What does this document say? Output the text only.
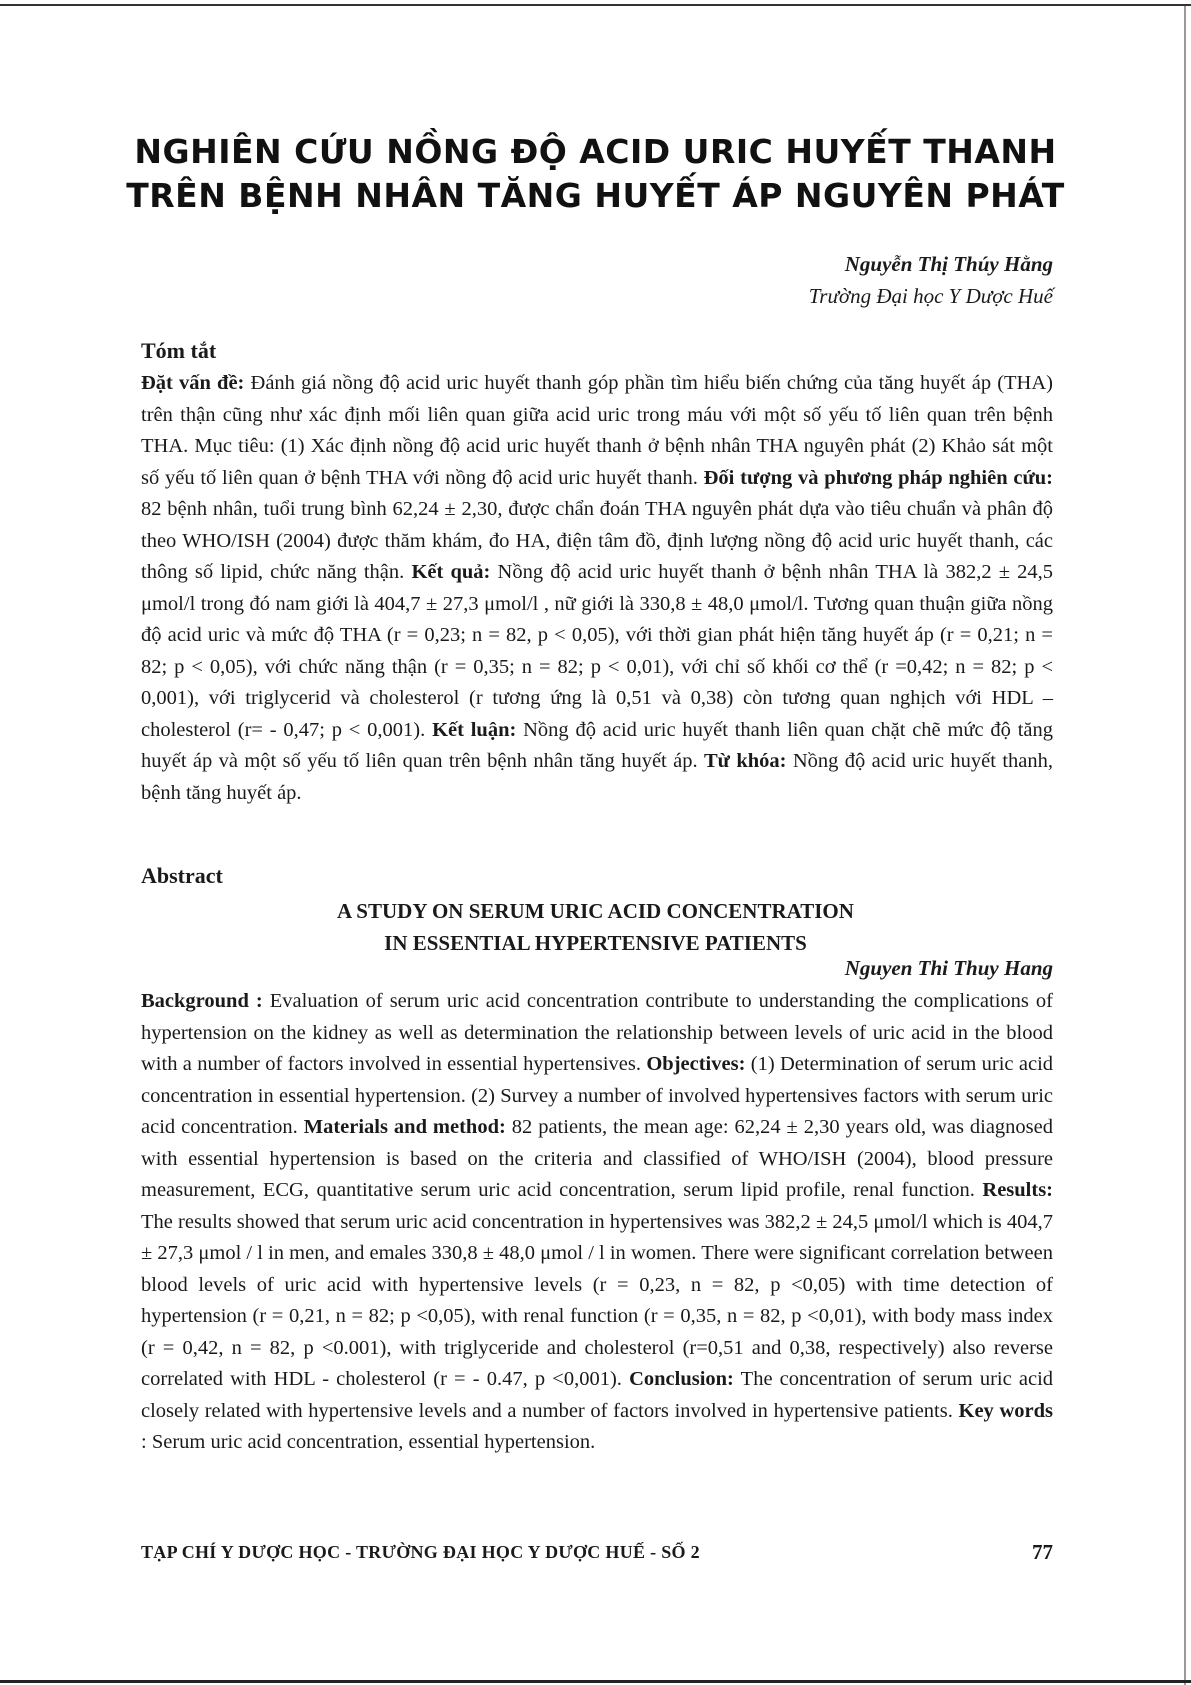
NGHIÊN CỨU NỒNG ĐỘ ACID URIC HUYẾT THANH
TRÊN BỆNH NHÂN TĂNG HUYẾT ÁP NGUYÊN PHÁT
Nguyễn Thị Thúy Hằng
Trường Đại học Y Dược Huế
Tóm tắt

Đặt vấn đề: Đánh giá nồng độ acid uric huyết thanh góp phần tìm hiểu biến chứng của tăng huyết áp (THA) trên thận cũng như xác định mối liên quan giữa acid uric trong máu với một số yếu tố liên quan trên bệnh THA. Mục tiêu: (1) Xác định nồng độ acid uric huyết thanh ở bệnh nhân THA nguyên phát (2) Khảo sát một số yếu tố liên quan ở bệnh THA với nồng độ acid uric huyết thanh. Đối tượng và phương pháp nghiên cứu: 82 bệnh nhân, tuổi trung bình 62,24 ± 2,30, được chẩn đoán THA nguyên phát dựa vào tiêu chuẩn và phân độ theo WHO/ISH (2004) được thăm khám, đo HA, điện tâm đồ, định lượng nồng độ acid uric huyết thanh, các thông số lipid, chức năng thận. Kết quả: Nồng độ acid uric huyết thanh ở bệnh nhân THA là 382,2 ± 24,5 μmol/l trong đó nam giới là 404,7 ± 27,3 μmol/l , nữ giới là 330,8 ± 48,0 μmol/l. Tương quan thuận giữa nồng độ acid uric và mức độ THA (r = 0,23; n = 82, p < 0,05), với thời gian phát hiện tăng huyết áp (r = 0,21; n = 82; p < 0,05), với chức năng thận (r = 0,35; n = 82; p < 0,01), với chỉ số khối cơ thể (r =0,42; n = 82; p < 0,001), với triglycerid và cholesterol (r tương ứng là 0,51 và 0,38) còn tương quan nghịch với HDL – cholesterol (r= - 0,47; p < 0,001). Kết luận: Nồng độ acid uric huyết thanh liên quan chặt chẽ mức độ tăng huyết áp và một số yếu tố liên quan trên bệnh nhân tăng huyết áp. Từ khóa: Nồng độ acid uric huyết thanh, bệnh tăng huyết áp.

Abstract
A STUDY ON SERUM URIC ACID CONCENTRATION
IN ESSENTIAL HYPERTENSIVE PATIENTS
Nguyen Thi Thuy Hang

Background : Evaluation of serum uric acid concentration contribute to understanding the complications of hypertension on the kidney as well as determination the relationship between levels of uric acid in the blood with a number of factors involved in essential hypertensives. Objectives: (1) Determination of serum uric acid concentration in essential hypertension. (2) Survey a number of involved hypertensives factors with serum uric acid concentration. Materials and method: 82 patients, the mean age: 62,24 ± 2,30 years old, was diagnosed with essential hypertension is based on the criteria and classified of WHO/ISH (2004), blood pressure measurement, ECG, quantitative serum uric acid concentration, serum lipid profile, renal function. Results: The results showed that serum uric acid concentration in hypertensives was 382,2 ± 24,5 μmol/l which is 404,7 ± 27,3 μmol / l in men, and emales 330,8 ± 48,0 μmol / l in women. There were significant correlation between blood levels of uric acid with hypertensive levels (r = 0,23, n = 82, p <0,05) with time detection of hypertension (r = 0,21, n = 82; p <0,05), with renal function (r = 0,35, n = 82, p <0,01), with body mass index (r = 0,42, n = 82, p <0.001), with triglyceride and cholesterol (r=0,51 and 0,38, respectively) also reverse correlated with HDL - cholesterol (r = - 0.47, p <0,001). Conclusion: The concentration of serum uric acid closely related with hypertensive levels and a number of factors involved in hypertensive patients. Key words : Serum uric acid concentration, essential hypertension.

TẠP CHÍ Y DƯỢC HỌC - TRƯỜNG ĐẠI HỌC Y DƯỢC HUẾ - SỐ 2	77
